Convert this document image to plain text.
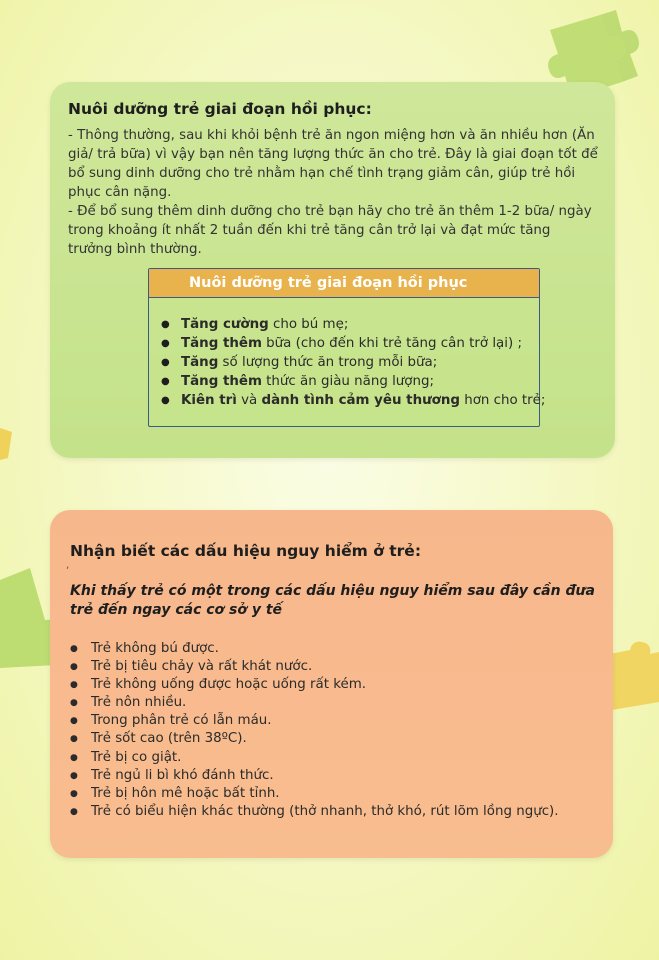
Nuôi dưỡng trẻ giai đoạn hồi phục:

- Thông thường, sau khi khỏi bệnh trẻ ăn ngon miệng hơn và ăn nhiều hơn (Ăn giả/ trả bữa) vì vậy bạn nên tăng lượng thức ăn cho trẻ. Đây là giai đoạn tốt để bổ sung dinh dưỡng cho trẻ nhằm hạn chế tình trạng giảm cân, giúp trẻ hồi phục cân nặng.

- Để bổ sung thêm dinh dưỡng cho trẻ bạn hãy cho trẻ ăn thêm 1-2 bữa/ ngày trong khoảng ít nhất 2 tuần đến khi trẻ tăng cân trở lại và đạt mức tăng trưởng bình thường.

Nuôi dưỡng trẻ giai đoạn hồi phục
● Tăng cường cho bú mẹ;
● Tăng thêm bữa (cho đến khi trẻ tăng cân trở lại) ;
● Tăng số lượng thức ăn trong mỗi bữa;
● Tăng thêm thức ăn giàu năng lượng;
● Kiên trì và dành tình cảm yêu thương hơn cho trẻ;
Nhận biết các dấu hiệu nguy hiểm ở trẻ:
,
Khi thấy trẻ có một trong các dấu hiệu nguy hiểm sau đây cần đưa trẻ đến ngay các cơ sở y tế
● Trẻ không bú được.
● Trẻ bị tiêu chảy và rất khát nước.
● Trẻ không uống được hoặc uống rất kém.
● Trẻ nôn nhiều.
● Trong phân trẻ có lẫn máu.
● Trẻ sốt cao (trên 38ºC).
● Trẻ bị co giật.
● Trẻ ngủ li bì khó đánh thức.
● Trẻ bị hôn mê hoặc bất tỉnh.
● Trẻ có biểu hiện khác thường (thở nhanh, thở khó, rút lõm lồng ngực).
